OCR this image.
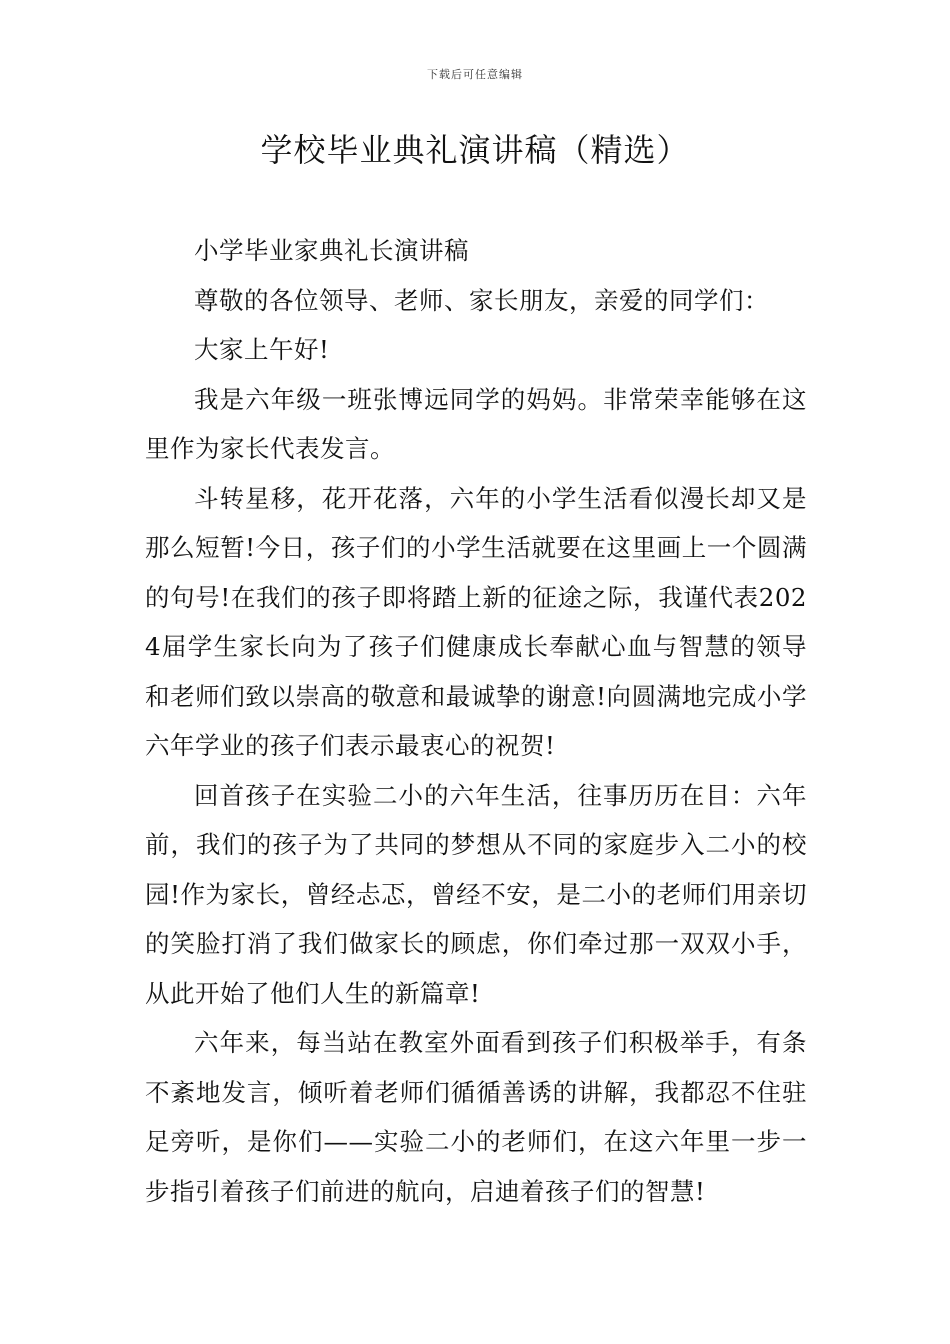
下载后可任意编辑
学校毕业典礼演讲稿（精选）

小学毕业家典礼长演讲稿

尊敬的各位领导、老师、家长朋友，亲爱的同学们：

大家上午好!

我是六年级一班张博远同学的妈妈。非常荣幸能够在这里作为家长代表发言。

斗转星移，花开花落，六年的小学生活看似漫长却又是那么短暂!今日，孩子们的小学生活就要在这里画上一个圆满的句号!在我们的孩子即将踏上新的征途之际，我谨代表2024届学生家长向为了孩子们健康成长奉献心血与智慧的领导和老师们致以崇高的敬意和最诚挚的谢意!向圆满地完成小学六年学业的孩子们表示最衷心的祝贺!

回首孩子在实验二小的六年生活，往事历历在目：六年前，我们的孩子为了共同的梦想从不同的家庭步入二小的校园!作为家长，曾经忐忑，曾经不安，是二小的老师们用亲切的笑脸打消了我们做家长的顾虑，你们牵过那一双双小手，从此开始了他们人生的新篇章!

六年来，每当站在教室外面看到孩子们积极举手，有条不紊地发言，倾听着老师们循循善诱的讲解，我都忍不住驻足旁听，是你们——实验二小的老师们，在这六年里一步一步指引着孩子们前进的航向，启迪着孩子们的智慧!
